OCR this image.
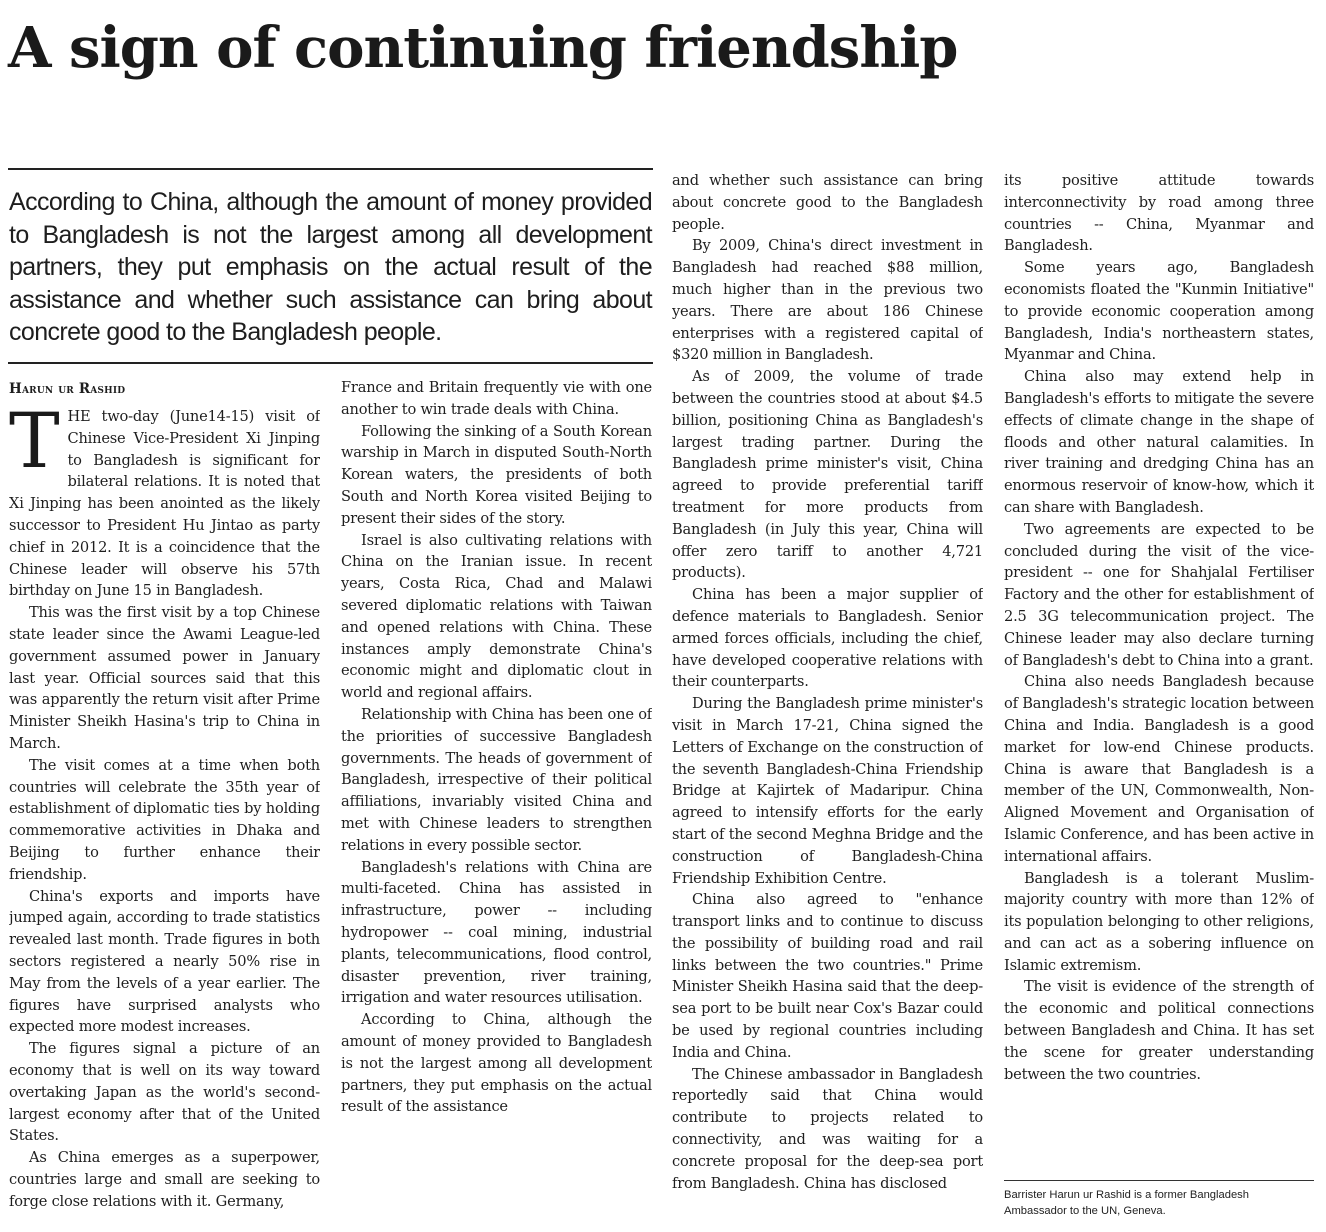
A sign of continuing friendship

According to China, although the amount of money provided to Bangladesh is not the largest among all development partners, they put emphasis on the actual result of the assistance and whether such assistance can bring about concrete good to the Bangladesh people.

Harun ur Rashid

THE two-day (June14-15) visit of Chinese Vice-President Xi Jinping to Bangladesh is significant for bilateral relations. It is noted that Xi Jinping has been anointed as the likely successor to President Hu Jintao as party chief in 2012. It is a coincidence that the Chinese leader will observe his 57th birthday on June 15 in Bangladesh.

This was the first visit by a top Chinese state leader since the Awami League-led government assumed power in January last year. Official sources said that this was apparently the return visit after Prime Minister Sheikh Hasina's trip to China in March.

The visit comes at a time when both countries will celebrate the 35th year of establishment of diplomatic ties by holding commemorative activities in Dhaka and Beijing to further enhance their friendship.

China's exports and imports have jumped again, according to trade statistics revealed last month. Trade figures in both sectors registered a nearly 50% rise in May from the levels of a year earlier. The figures have surprised analysts who expected more modest increases.

The figures signal a picture of an economy that is well on its way toward overtaking Japan as the world's second-largest economy after that of the United States.

As China emerges as a superpower, countries large and small are seeking to forge close relations with it. Germany,

France and Britain frequently vie with one another to win trade deals with China.

Following the sinking of a South Korean warship in March in disputed South-North Korean waters, the presidents of both South and North Korea visited Beijing to present their sides of the story.

Israel is also cultivating relations with China on the Iranian issue. In recent years, Costa Rica, Chad and Malawi severed diplomatic relations with Taiwan and opened relations with China. These instances amply demonstrate China's economic might and diplomatic clout in world and regional affairs.

Relationship with China has been one of the priorities of successive Bangladesh governments. The heads of government of Bangladesh, irrespective of their political affiliations, invariably visited China and met with Chinese leaders to strengthen relations in every possible sector.

Bangladesh's relations with China are multi-faceted. China has assisted in infrastructure, power -- including hydropower -- coal mining, industrial plants, telecommunications, flood control, disaster prevention, river training, irrigation and water resources utilisation.

According to China, although the amount of money provided to Bangladesh is not the largest among all development partners, they put emphasis on the actual result of the assistance

and whether such assistance can bring about concrete good to the Bangladesh people.

By 2009, China's direct investment in Bangladesh had reached $88 million, much higher than in the previous two years. There are about 186 Chinese enterprises with a registered capital of $320 million in Bangladesh.

As of 2009, the volume of trade between the countries stood at about $4.5 billion, positioning China as Bangladesh's largest trading partner. During the Bangladesh prime minister's visit, China agreed to provide preferential tariff treatment for more products from Bangladesh (in July this year, China will offer zero tariff to another 4,721 products).

China has been a major supplier of defence materials to Bangladesh. Senior armed forces officials, including the chief, have developed cooperative relations with their counterparts.

During the Bangladesh prime minister's visit in March 17-21, China signed the Letters of Exchange on the construction of the seventh Bangladesh-China Friendship Bridge at Kajirtek of Madaripur. China agreed to intensify efforts for the early start of the second Meghna Bridge and the construction of Bangladesh-China Friendship Exhibition Centre.

China also agreed to "enhance transport links and to continue to discuss the possibility of building road and rail links between the two countries." Prime Minister Sheikh Hasina said that the deep-sea port to be built near Cox's Bazar could be used by regional countries including India and China.

The Chinese ambassador in Bangladesh reportedly said that China would contribute to projects related to connectivity, and was waiting for a concrete proposal for the deep-sea port from Bangladesh. China has disclosed

its positive attitude towards interconnectivity by road among three countries -- China, Myanmar and Bangladesh.

Some years ago, Bangladesh economists floated the "Kunmin Initiative" to provide economic cooperation among Bangladesh, India's northeastern states, Myanmar and China.

China also may extend help in Bangladesh's efforts to mitigate the severe effects of climate change in the shape of floods and other natural calamities. In river training and dredging China has an enormous reservoir of know-how, which it can share with Bangladesh.

Two agreements are expected to be concluded during the visit of the vice-president -- one for Shahjalal Fertiliser Factory and the other for establishment of 2.5 3G telecommunication project. The Chinese leader may also declare turning of Bangladesh's debt to China into a grant.

China also needs Bangladesh because of Bangladesh's strategic location between China and India. Bangladesh is a good market for low-end Chinese products. China is aware that Bangladesh is a member of the UN, Commonwealth, Non-Aligned Movement and Organisation of Islamic Conference, and has been active in international affairs.

Bangladesh is a tolerant Muslim-majority country with more than 12% of its population belonging to other religions, and can act as a sobering influence on Islamic extremism.

The visit is evidence of the strength of the economic and political connections between Bangladesh and China. It has set the scene for greater understanding between the two countries.

Barrister Harun ur Rashid is a former Bangladesh Ambassador to the UN, Geneva.
